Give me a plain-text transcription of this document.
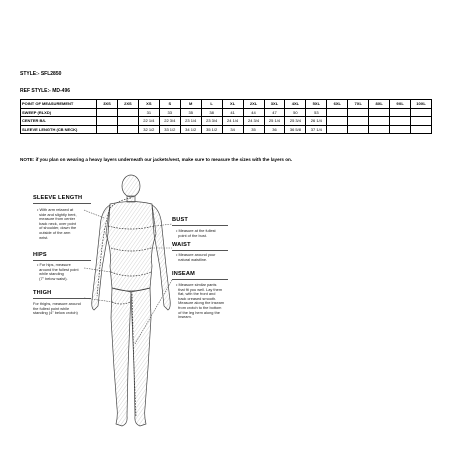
STYLE:- SFL2850
REF STYLE:- MD-496
POINT OF MEASUREMENT	3XS	2XS	XS	S	M	L	XL	2XL	3XL	4XL	5XL	6XL	7XL	8XL	9XL	10XL
SWEEP (RLXD)			31	33	35	38	41	44	47	50	53					
CENTER B/L			22 1/4	22 3/4	23 1/4	23 3/4	24 1/4	24 3/4	25 1/4	25 3/4	26 1/4					
SLEEVE LENGTH (CB NECK)			32 1/2	33 1/2	34 1/2	35 1/2	34	35	36	36 5/8	37 1/4					
NOTE: if you plan on wearing a heavy layers underneath our jackets/vest, make sure to measure the sizes with the layers on.
SLEEVE LENGTH
• With arm relaxed at
side and slightly bent,
measure from center
back neck, over point
of shoulder, down the
outside of the arm
wrist.
HIPS
• For hips, measure
around the fullest point
while standing
(7" below waist).
THIGH
For thighs, measure around
the fullest point while
standing (4" below crotch)
BUST
• Measure at the fullest
point of the bust.
WAIST
• Measure around your
natural waistline.
INSEAM
• Measure similar pants
that fit you well. Lay them
flat, with the front and
back creased smooth.
Measure along the inseam
from crotch to the bottom
of the leg hem along the
inseam.
